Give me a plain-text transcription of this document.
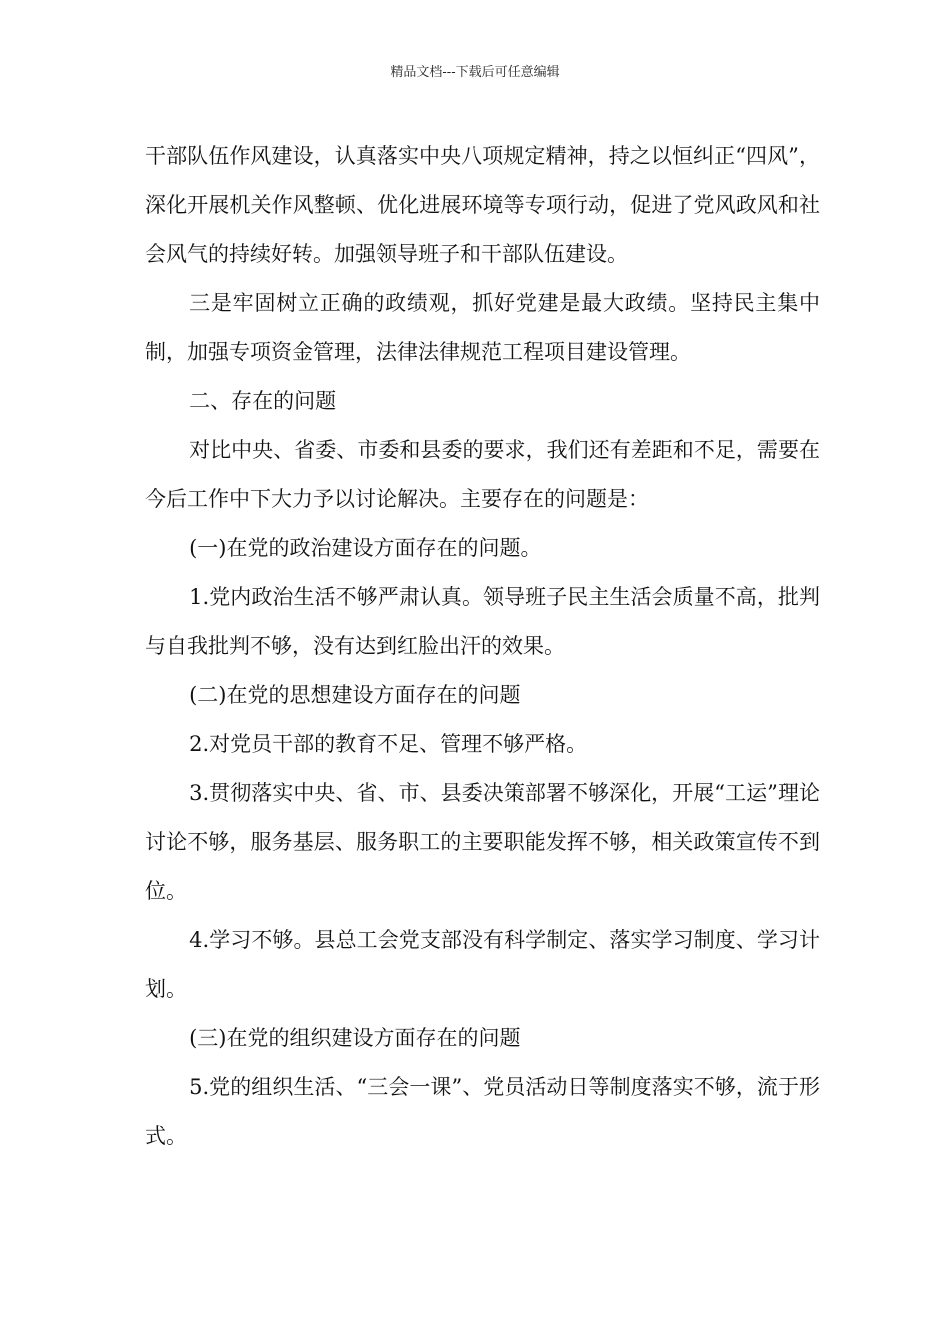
精品文档---下载后可任意编辑

干部队伍作风建设，认真落实中央八项规定精神，持之以恒纠正“四风”，深化开展机关作风整顿、优化进展环境等专项行动，促进了党风政风和社会风气的持续好转。加强领导班子和干部队伍建设。

三是牢固树立正确的政绩观，抓好党建是最大政绩。坚持民主集中制，加强专项资金管理，法律法律规范工程项目建设管理。

二、存在的问题

对比中央、省委、市委和县委的要求，我们还有差距和不足，需要在今后工作中下大力予以讨论解决。主要存在的问题是：

(一)在党的政治建设方面存在的问题。

1.党内政治生活不够严肃认真。领导班子民主生活会质量不高，批判与自我批判不够，没有达到红脸出汗的效果。

(二)在党的思想建设方面存在的问题

2.对党员干部的教育不足、管理不够严格。

3.贯彻落实中央、省、市、县委决策部署不够深化，开展“工运”理论讨论不够，服务基层、服务职工的主要职能发挥不够，相关政策宣传不到位。

4.学习不够。县总工会党支部没有科学制定、落实学习制度、学习计划。

(三)在党的组织建设方面存在的问题

5.党的组织生活、“三会一课”、党员活动日等制度落实不够，流于形式。
